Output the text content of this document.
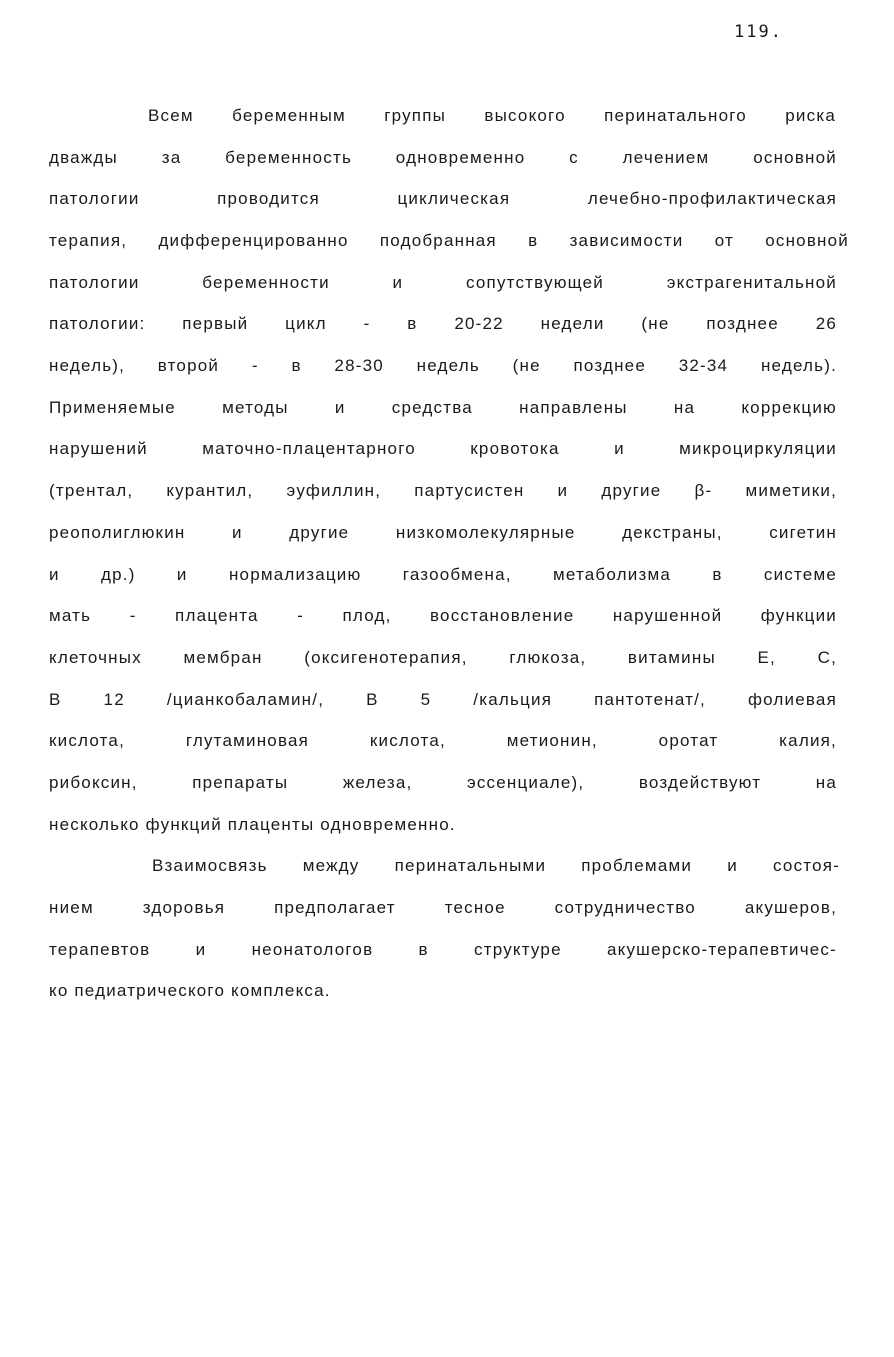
119.
Всем беременным группы высокого перинатального риска
дважды за беременность одновременно с лечением основной
патологии проводится циклическая лечебно-профилактическая
терапия, дифференцированно подобранная в зависимости от основной
патологии беременности и сопутствующей экстрагенитальной
патологии: первый цикл - в 20-22 недели (не позднее 26
недель), второй - в 28-30 недель (не позднее 32-34 недель).
Применяемые методы и средства направлены на коррекцию
нарушений маточно-плацентарного кровотока и микроциркуляции
(трентал, курантил, эуфиллин, партусистен и другие β- миметики,
реополиглюкин и другие низкомолекулярные декстраны, сигетин
и др.) и нормализацию газообмена, метаболизма в системе
мать - плацента - плод, восстановление нарушенной функции
клеточных мембран (оксигенотерапия, глюкоза, витамины Е, С,
В 12 /цианкобаламин/, В 5 /кальция пантотенат/, фолиевая
кислота, глутаминовая кислота, метионин, оротат калия,
рибоксин, препараты железа, эссенциале), воздействуют на
несколько функций плаценты одновременно.
Взаимосвязь между перинатальными проблемами и состоя-
нием здоровья предполагает тесное сотрудничество акушеров,
терапевтов и неонатологов в структуре акушерско-терапевтичес-
ко педиатрического комплекса.
